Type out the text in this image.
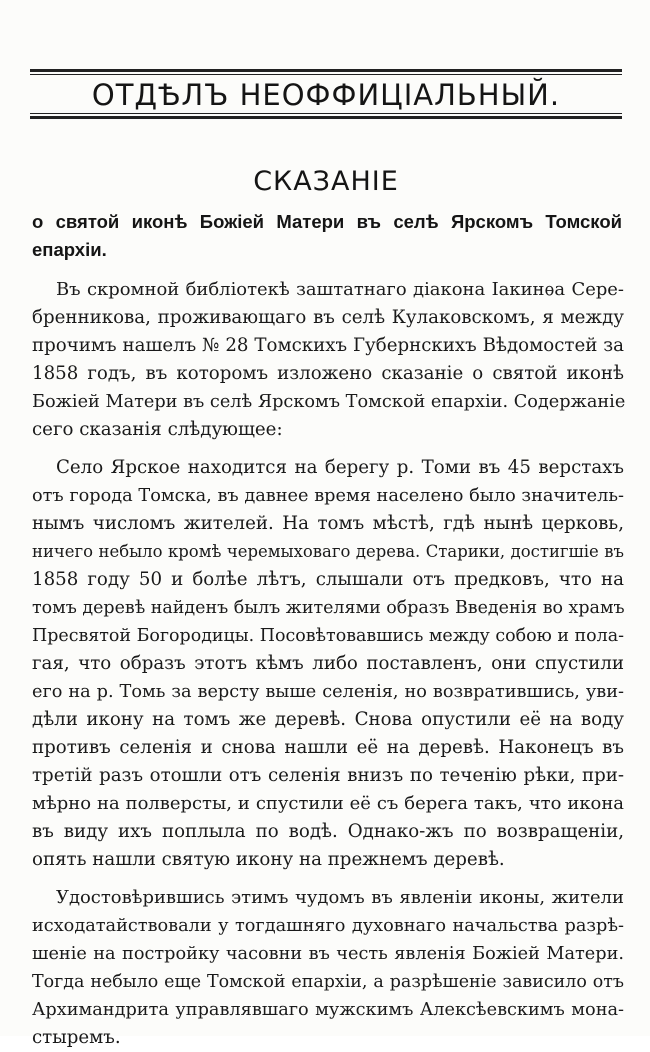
ОТДѢЛЪ НЕОФФИЦІАЛЬНЫЙ.
СКАЗАНІЕ
о святой иконѣ Божіей Матери въ селѣ Ярскомъ Томской
епархіи.
Въ скромной библіотекѣ заштатнаго діакона Іакинѳа Сере-
бренникова, проживающаго въ селѣ Кулаковскомъ, я между
прочимъ нашелъ № 28 Томскихъ Губернскихъ Вѣдомостей за
1858 годъ, въ которомъ изложено сказаніе о святой иконѣ
Божіей Матери въ селѣ Ярскомъ Томской епархіи. Содержаніе
сего сказанія слѣдующее:
Село Ярское находится на берегу р. Томи въ 45 верстахъ
отъ города Томска, въ давнее время населено было значитель-
нымъ числомъ жителей. На томъ мѣстѣ, гдѣ нынѣ церковь,
ничего небыло кромѣ черемыховаго дерева. Старики, достигшіе въ
1858 году 50 и болѣе лѣтъ, слышали отъ предковъ, что на
томъ деревѣ найденъ былъ жителями образъ Введенія во храмъ
Пресвятой Богородицы. Посовѣтовавшись между собою и пола-
гая, что образъ этотъ кѣмъ либо поставленъ, они спустили
его на р. Томь за версту выше селенія, но возвратившись, уви-
дѣли икону на томъ же деревѣ. Снова опустили её на воду
противъ селенія и снова нашли её на деревѣ. Наконецъ въ
третій разъ отошли отъ селенія внизъ по теченію рѣки, при-
мѣрно на полверсты, и спустили её съ берега такъ, что икона
въ виду ихъ поплыла по водѣ. Однако-жъ по возвращеніи,
опять нашли святую икону на прежнемъ деревѣ.
Удостовѣрившись этимъ чудомъ въ явленіи иконы, жители
исходатайствовали у тогдашняго духовнаго начальства разрѣ-
шеніе на постройку часовни въ честь явленія Божіей Матери.
Тогда небыло еще Томской епархіи, а разрѣшеніе зависило отъ
Архимандрита управлявшаго мужскимъ Алексѣевскимъ мона-
стыремъ.
